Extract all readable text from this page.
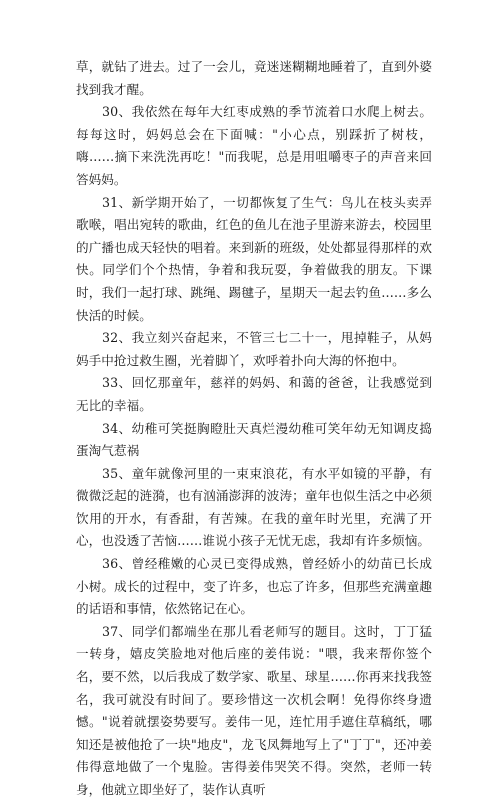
草，就钻了进去。过了一会儿，竟迷迷糊糊地睡着了，直到外婆找到我才醒。

30、我依然在每年大红枣成熟的季节流着口水爬上树去。每每这时，妈妈总会在下面喊："小心点，别踩折了树枝，嗨……摘下来洗洗再吃！"而我呢，总是用咀嚼枣子的声音来回答妈妈。

31、新学期开始了，一切都恢复了生气：鸟儿在枝头卖弄歌喉，唱出宛转的歌曲，红色的鱼儿在池子里游来游去，校园里的广播也成天轻快的唱着。来到新的班级，处处都显得那样的欢快。同学们个个热情，争着和我玩耍，争着做我的朋友。下课时，我们一起打球、跳绳、踢毽子，星期天一起去钓鱼……多么快活的时候。

32、我立刻兴奋起来，不管三七二十一，甩掉鞋子，从妈妈手中抢过救生圈，光着脚丫，欢呼着扑向大海的怀抱中。

33、回忆那童年，慈祥的妈妈、和蔼的爸爸，让我感觉到无比的幸福。

34、幼稚可笑挺胸瞪肚天真烂漫幼稚可笑年幼无知调皮捣蛋淘气惹祸

35、童年就像河里的一束束浪花，有水平如镜的平静，有微微泛起的涟漪，也有汹涌澎湃的波涛；童年也似生活之中必须饮用的开水，有香甜，有苦辣。在我的童年时光里，充满了开心，也没透了苦恼……谁说小孩子无忧无虑，我却有许多烦恼。

36、曾经稚嫩的心灵已变得成熟，曾经娇小的幼苗已长成小树。成长的过程中，变了许多，也忘了许多，但那些充满童趣的话语和事情，依然铭记在心。

37、同学们都端坐在那儿看老师写的题目。这时，丁丁猛一转身，嬉皮笑脸地对他后座的姜伟说："喂，我来帮你签个名，要不然，以后我成了数学家、歌星、球星……你再来找我签名，我可就没有时间了。要珍惜这一次机会啊！免得你终身遗憾。"说着就摆姿势要写。姜伟一见，连忙用手遮住草稿纸，哪知还是被他抢了一块"地皮"，龙飞凤舞地写上了"丁丁"，还冲姜伟得意地做了一个鬼脸。害得姜伟哭笑不得。突然，老师一转身，他就立即坐好了，装作认真听
